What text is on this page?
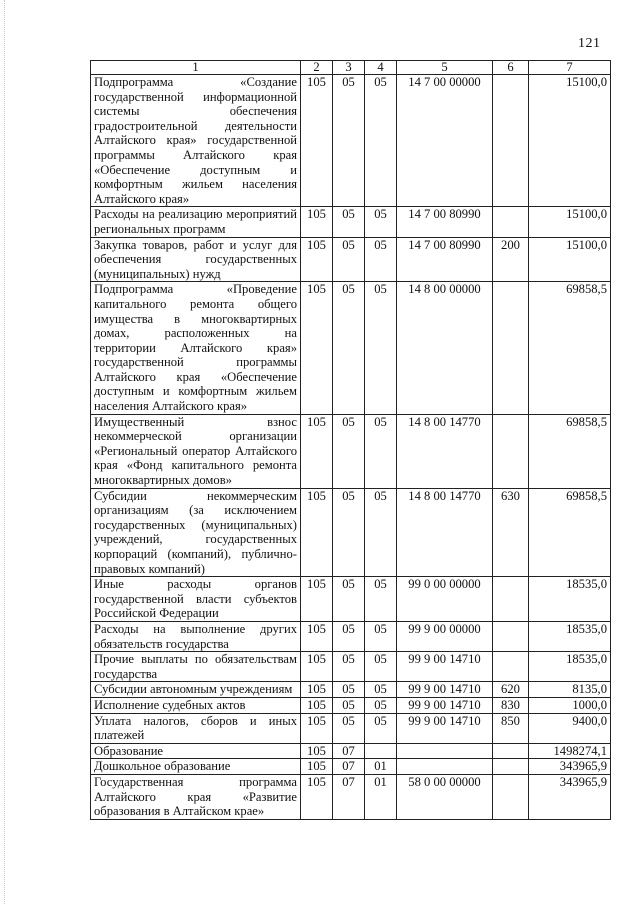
121
1	2	3	4	5	6	7
Подпрограмма «Создание государственной информационной системы обеспечения градостроительной деятельности Алтайского края» государственной программы Алтайского края «Обеспечение доступным и комфортным жильем населения Алтайского края»	105	05	05	14 7 00 00000		15100,0
Расходы на реализацию мероприятий региональных программ	105	05	05	14 7 00 80990		15100,0
Закупка товаров, работ и услуг для обеспечения государственных (муниципальных) нужд	105	05	05	14 7 00 80990	200	15100,0
Подпрограмма «Проведение капитального ремонта общего имущества в многоквартирных домах, расположенных на территории Алтайского края» государственной программы Алтайского края «Обеспечение доступным и комфортным жильем населения Алтайского края»	105	05	05	14 8 00 00000		69858,5
Имущественный взнос некоммерческой организации «Региональный оператор Алтайского края «Фонд капитального ремонта многоквартирных домов»	105	05	05	14 8 00 14770		69858,5
Субсидии некоммерческим организациям (за исключением государственных (муниципальных) учреждений, государственных корпораций (компаний), публично-правовых компаний)	105	05	05	14 8 00 14770	630	69858,5
Иные расходы органов государственной власти субъектов Российской Федерации	105	05	05	99 0 00 00000		18535,0
Расходы на выполнение других обязательств государства	105	05	05	99 9 00 00000		18535,0
Прочие выплаты по обязательствам государства	105	05	05	99 9 00 14710		18535,0
Субсидии автономным учреждениям	105	05	05	99 9 00 14710	620	8135,0
Исполнение судебных актов	105	05	05	99 9 00 14710	830	1000,0
Уплата налогов, сборов и иных платежей	105	05	05	99 9 00 14710	850	9400,0
Образование	105	07				1498274,1
Дошкольное образование	105	07	01			343965,9
Государственная программа Алтайского края «Развитие образования в Алтайском крае»	105	07	01	58 0 00 00000		343965,9
